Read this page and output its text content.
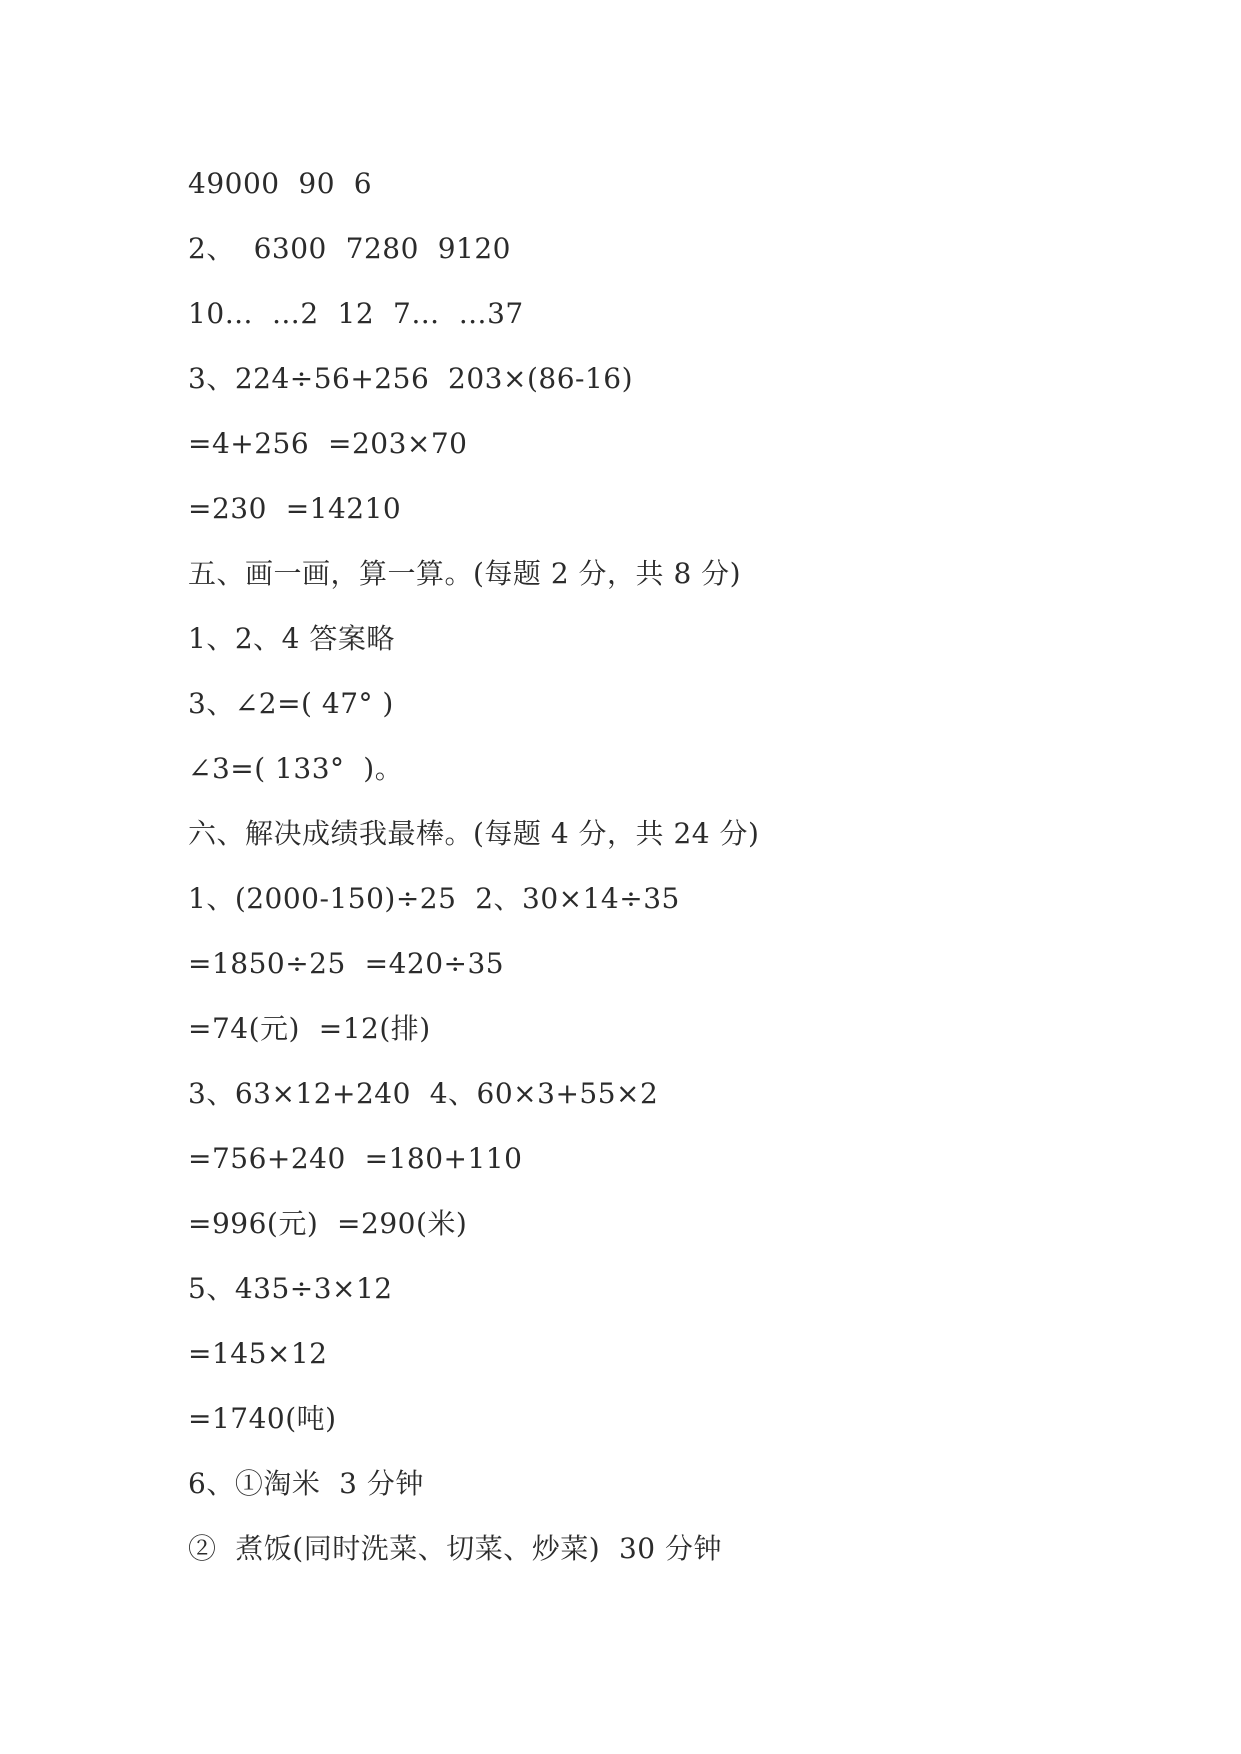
49000  90  6
2、  6300  7280  9120
10…  …2  12  7…  …37
3、224÷56+256  203×(86-16)
=4+256  =203×70
=230  =14210
五、画一画，算一算。(每题 2 分，共 8 分)
1、2、4 答案略
3、∠2=( 47° )
∠3=( 133°  )。
六、解决成绩我最棒。(每题 4 分，共 24 分)
1、(2000-150)÷25  2、30×14÷35
=1850÷25  =420÷35
=74(元)  =12(排)
3、63×12+240  4、60×3+55×2
=756+240  =180+110
=996(元)  =290(米)
5、435÷3×12
=145×12
=1740(吨)
6、①淘米  3 分钟
②  煮饭(同时洗菜、切菜、炒菜)  30 分钟
